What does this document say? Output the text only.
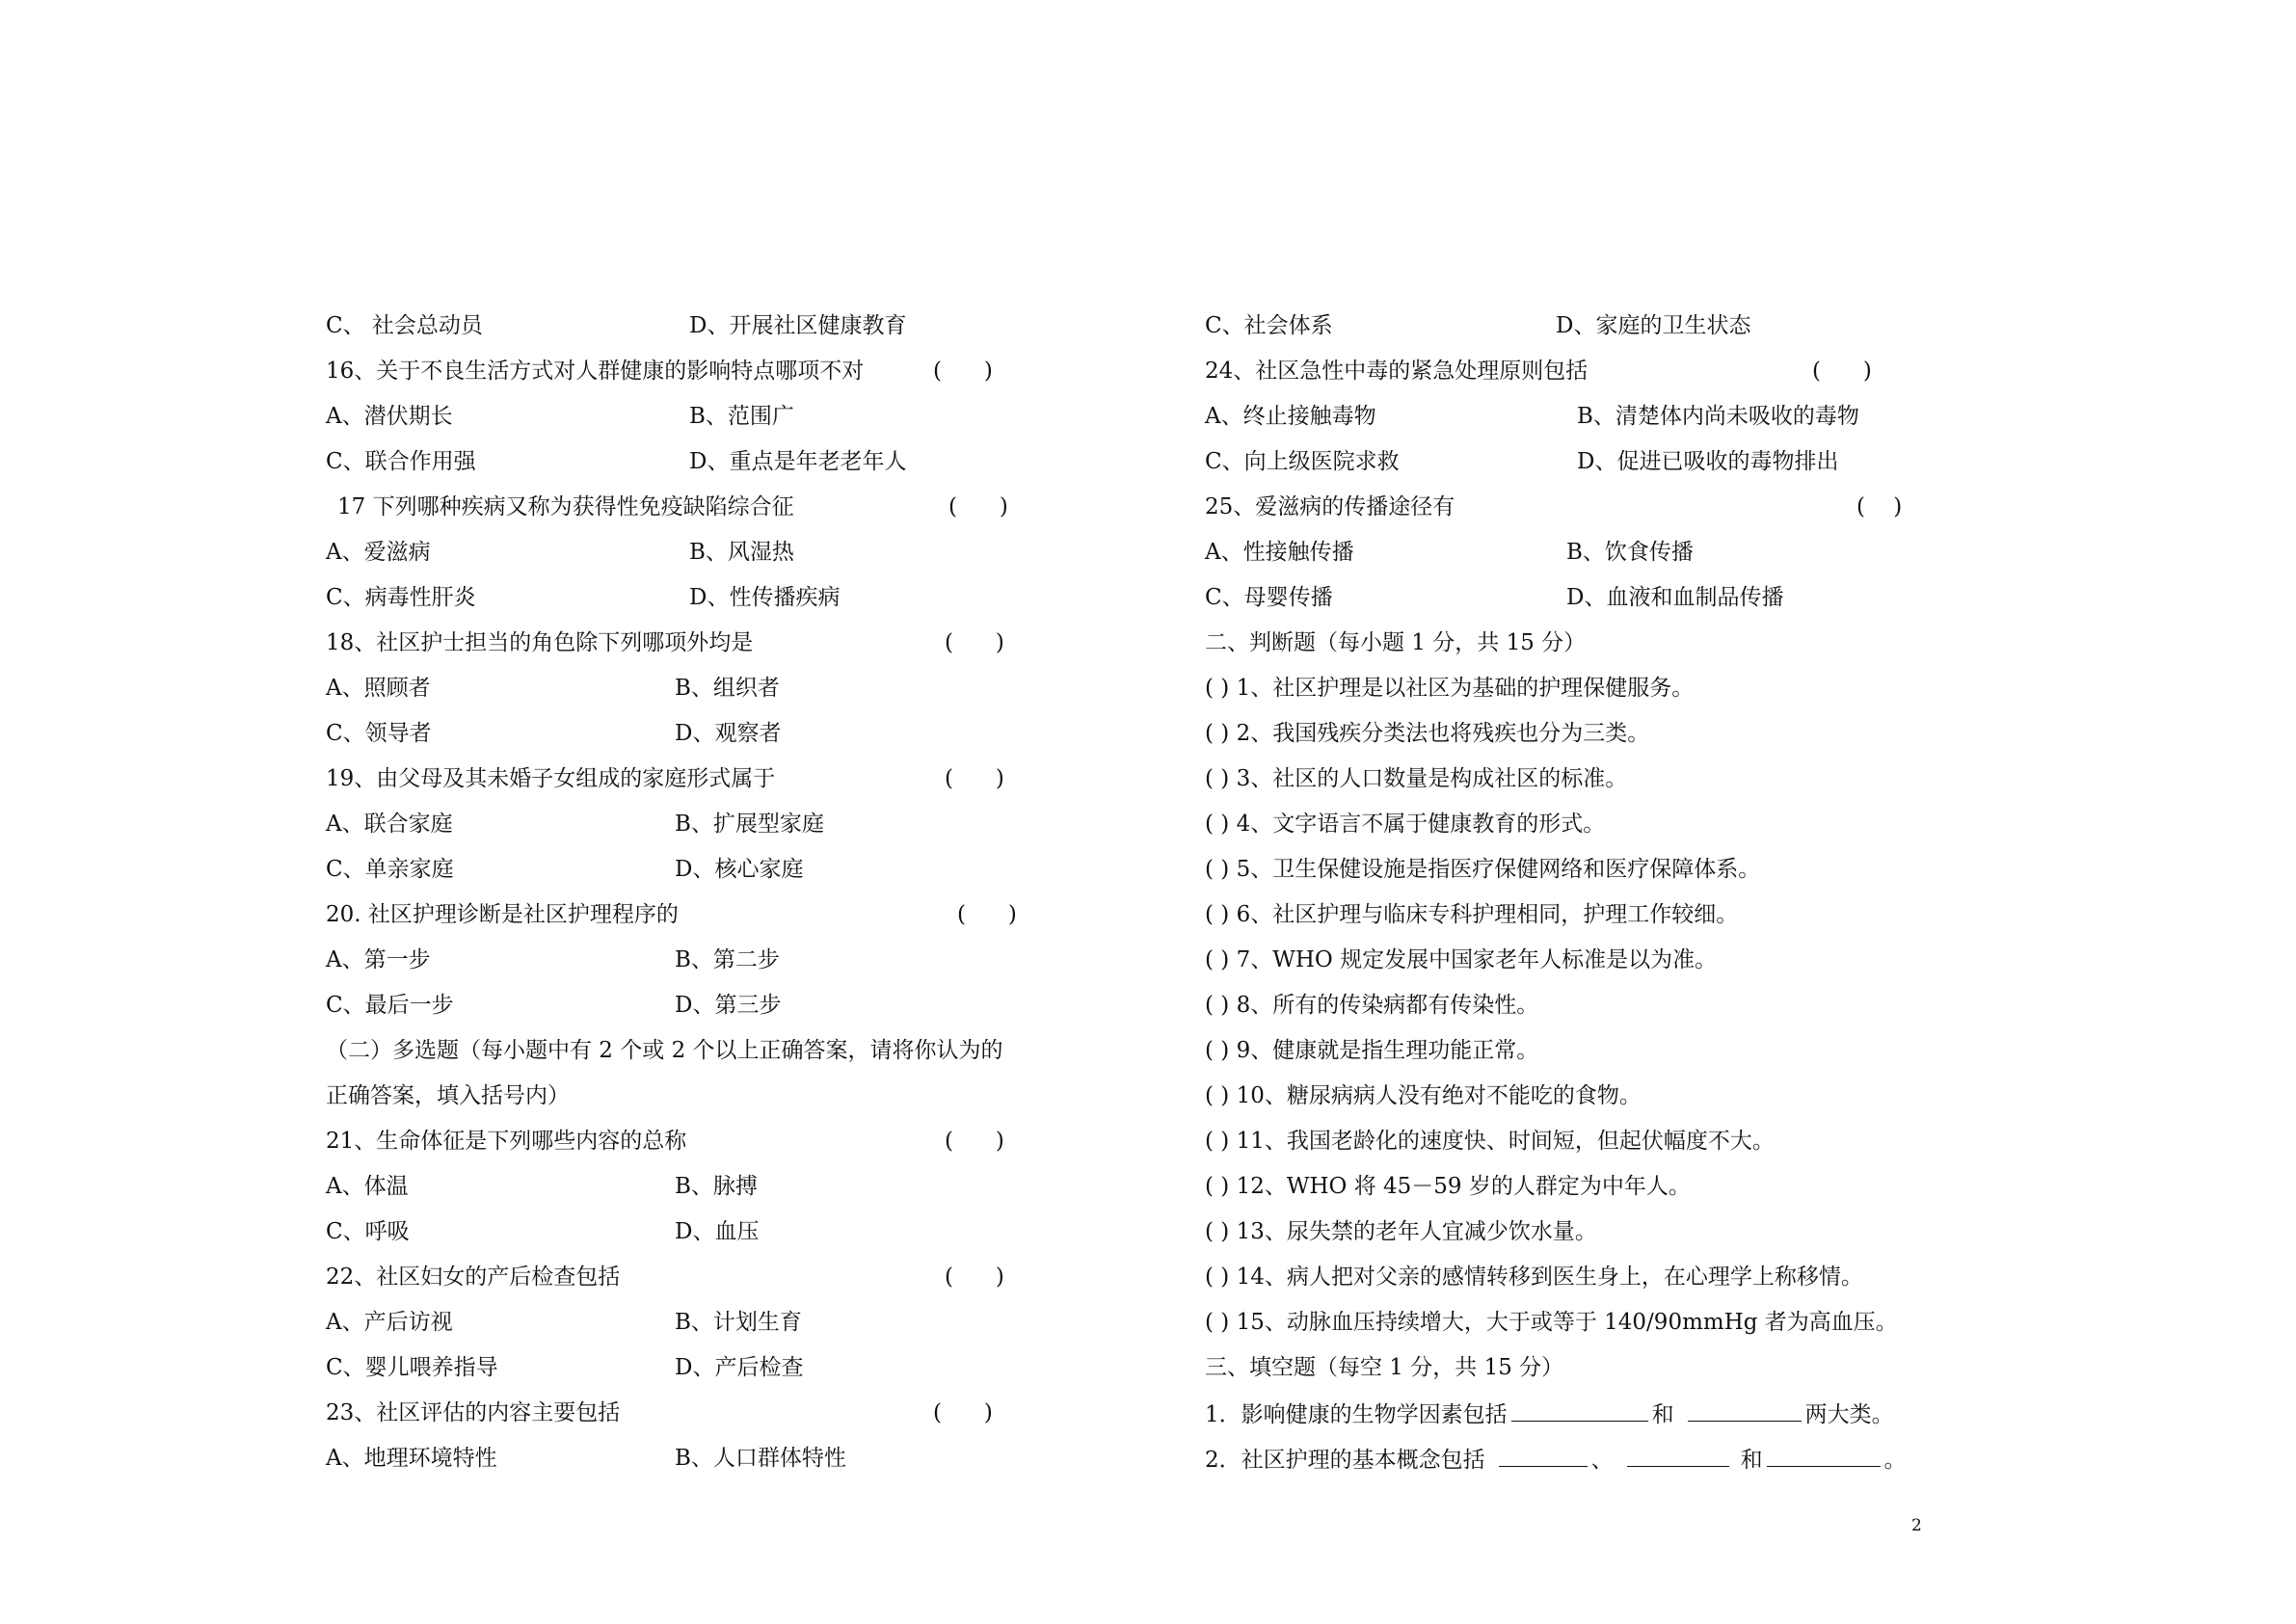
C、 社会总动员	D、开展社区健康教育
16、关于不良生活方式对人群健康的影响特点哪项不对	(      )
A、潜伏期长	B、范围广
C、联合作用强	D、重点是年老老年人
17 下列哪种疾病又称为获得性免疫缺陷综合征	(      )
A、爱滋病	B、风湿热
C、病毒性肝炎	D、性传播疾病
18、社区护士担当的角色除下列哪项外均是	(      )
A、照顾者	B、组织者
C、领导者	D、观察者
19、由父母及其未婚子女组成的家庭形式属于	(      )
A、联合家庭	B、扩展型家庭
C、单亲家庭	D、核心家庭
20. 社区护理诊断是社区护理程序的	(      )
A、第一步	B、第二步
C、最后一步	D、第三步
（二）多选题（每小题中有 2 个或 2 个以上正确答案，请将你认为的
正确答案，填入括号内）
21、生命体征是下列哪些内容的总称	(      )
A、体温	B、脉搏
C、呼吸	D、血压
22、社区妇女的产后检查包括	(      )
A、产后访视	B、计划生育
C、婴儿喂养指导	D、产后检查
23、社区评估的内容主要包括	(      )
A、地理环境特性	B、人口群体特性
C、社会体系	D、家庭的卫生状态
24、社区急性中毒的紧急处理原则包括	(      )
A、终止接触毒物	B、清楚体内尚未吸收的毒物
C、向上级医院求救	D、促进已吸收的毒物排出
25、爱滋病的传播途径有	(    )
A、性接触传播	B、饮食传播
C、母婴传播	D、血液和血制品传播
二、判断题（每小题 1 分，共 15 分）
( ) 1、社区护理是以社区为基础的护理保健服务。
( ) 2、我国残疾分类法也将残疾也分为三类。
( ) 3、社区的人口数量是构成社区的标准。
( ) 4、文字语言不属于健康教育的形式。
( ) 5、卫生保健设施是指医疗保健网络和医疗保障体系。
( ) 6、社区护理与临床专科护理相同，护理工作较细。
( ) 7、WHO 规定发展中国家老年人标准是以为准。
( ) 8、所有的传染病都有传染性。
( ) 9、健康就是指生理功能正常。
( ) 10、糖尿病病人没有绝对不能吃的食物。
( ) 11、我国老龄化的速度快、时间短，但起伏幅度不大。
( ) 12、WHO 将 45－59 岁的人群定为中年人。
( ) 13、尿失禁的老年人宜减少饮水量。
( ) 14、病人把对父亲的感情转移到医生身上，在心理学上称移情。
( ) 15、动脉血压持续增大，大于或等于 140/90mmHg 者为高血压。
三、填空题（每空 1 分，共 15 分）
1．影响健康的生物学因素包括	和	两大类。
2．社区护理的基本概念包括	、	和	。
2
